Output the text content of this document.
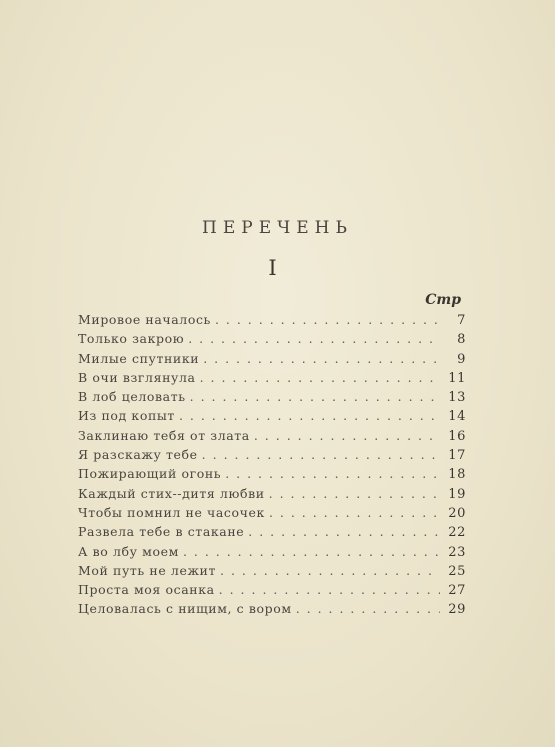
ПЕРЕЧЕНЬ
I
Стр
Мировое началось . . .	7
Только закрою . . .	8
Милые спутники . . .	9
В очи взглянула . . .	11
В лоб целовать . . .	13
Из под копыт . . .	14
Заклинаю тебя от злата . . .	16
Я разскажу тебе . . .	17
Пожирающий огонь . . .	18
Каждый стих--дитя любви . . .	19
Чтобы помнил не часочек . . .	20
Развела тебе в стакане . . .	22
А во лбу моем . . .	23
Мой путь не лежит . . .	25
Проста моя осанка . . .	27
Целовалась с нищим, с вором . . .	29
